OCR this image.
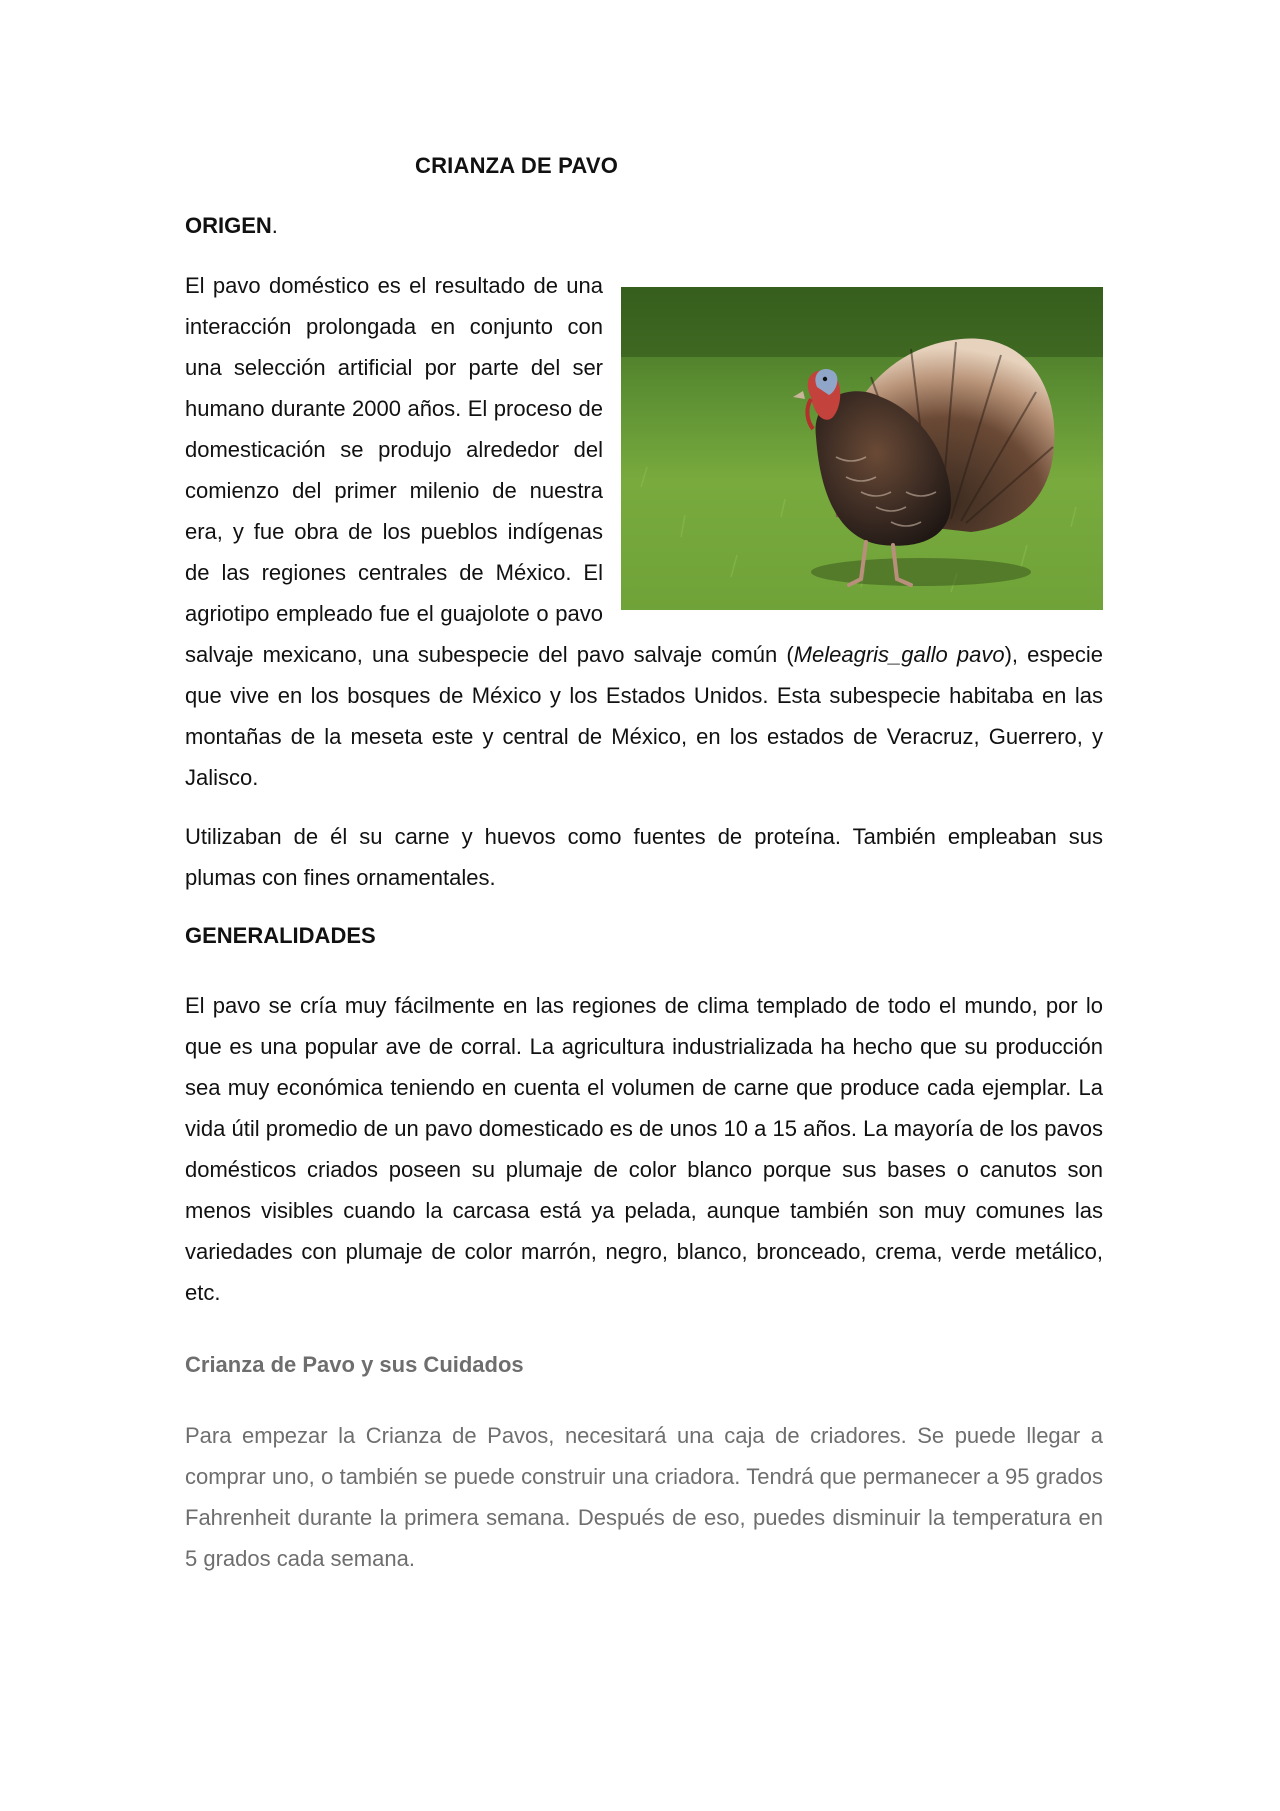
CRIANZA DE PAVO
ORIGEN.

El pavo doméstico es el resultado de una interacción prolongada en conjunto con una selección artificial por parte del ser humano durante 2000 años. El proceso de domesticación se produjo alrededor del comienzo del primer milenio de nuestra era, y fue obra de los pueblos indígenas de las regiones centrales de México. El agriotipo empleado fue el guajolote o pavo salvaje mexicano, una subespecie del pavo salvaje común (Meleagris_gallo pavo), especie que vive en los bosques de México y los Estados Unidos. Esta subespecie habitaba en las montañas de la meseta este y central de México, en los estados de Veracruz, Guerrero, y Jalisco.

Utilizaban de él su carne y huevos como fuentes de proteína. También empleaban sus plumas con fines ornamentales.

GENERALIDADES

El pavo se cría muy fácilmente en las regiones de clima templado de todo el mundo, por lo que es una popular ave de corral. La agricultura industrializada ha hecho que su producción sea muy económica teniendo en cuenta el volumen de carne que produce cada ejemplar. La vida útil promedio de un pavo domesticado es de unos 10 a 15 años. La mayoría de los pavos domésticos criados poseen su plumaje de color blanco porque sus bases o canutos son menos visibles cuando la carcasa está ya pelada, aunque también son muy comunes las variedades con plumaje de color marrón, negro, blanco, bronceado, crema, verde metálico, etc.

Crianza de Pavo y sus Cuidados

Para empezar la Crianza de Pavos, necesitará una caja de criadores. Se puede llegar a comprar uno, o también se puede construir una criadora. Tendrá que permanecer a 95 grados Fahrenheit durante la primera semana. Después de eso, puedes disminuir la temperatura en 5 grados cada semana.
